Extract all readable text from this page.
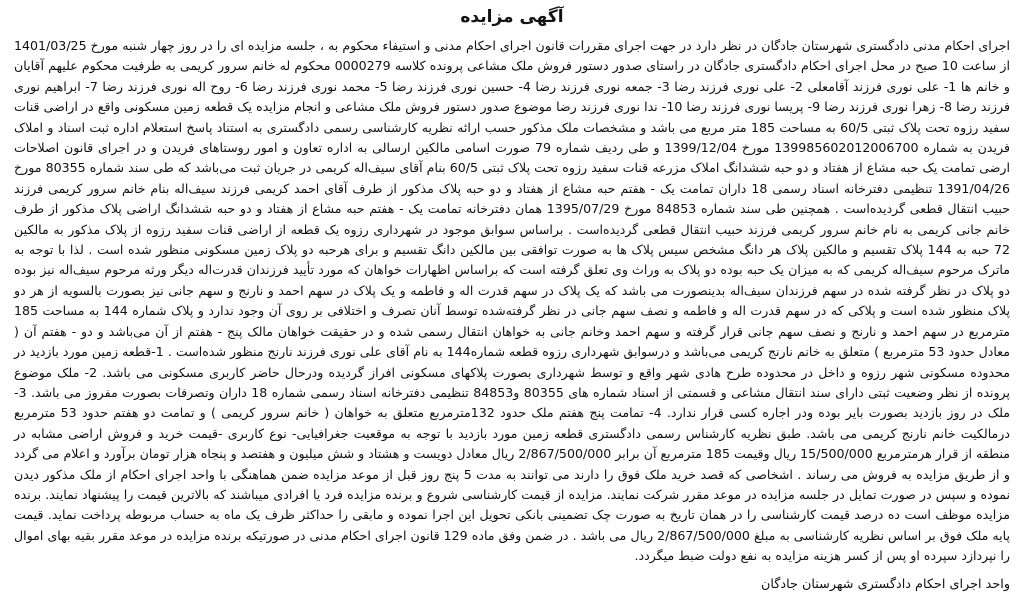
آگهی مزایده

اجرای احکام مدنی دادگستری شهرستان جادگان در نظر دارد در جهت اجرای مقررات قانون اجرای احکام مدنی و استیفاء محکوم به ، جلسه مزایده ای را در روز چهار شنبه مورخ 1401/03/25 از ساعت 10 صبح در محل اجرای احکام دادگستری جادگان در راستای صدور دستور فروش ملک مشاعی پرونده کلاسه 0000279 محکوم له خانم سرور کریمی به طرفیت محکوم علیهم آقایان و خانم ها 1- علی نوری فرزند آقامعلی 2- علی نوری فرزند رضا 3- جمعه نوری فرزند رضا 4- حسین نوری فرزند رضا 5- محمد نوری فرزند رضا 6- روح اله نوری فرزند رضا 7- ابراهیم نوری فرزند رضا 8- زهرا نوری فرزند رضا 9- پریسا نوری فرزند رضا 10- ندا نوری فرزند رضا موضوع صدور دستور فروش ملک مشاعی و انجام مزایده یک قطعه زمین مسکونی واقع در اراضی قنات سفید رزوه تحت پلاک ثبتی 60/5 به مساحت 185 متر مربع می باشد و مشخصات ملک مذکور حسب ارائه نظریه کارشناسی رسمی دادگستری به استناد پاسخ استعلام اداره ثبت اسناد و املاک فریدن به شماره 139985602012006700 مورخ 1399/12/04 و طی ردیف شماره 79 صورت اسامی مالکین ارسالی به اداره تعاون و امور روستاهای فریدن و در اجرای قانون اصلاحات ارضی تمامت یک حبه مشاع از هفتاد و دو حبه ششدانگ املاک مزرعه قنات سفید رزوه تحت پلاک ثبتی 60/5 بنام آقای سیف‌اله کریمی در جریان ثبت می‌باشد که طی سند شماره 80355 مورخ 1391/04/26 تنظیمی دفترخانه اسناد رسمی 18 داران تمامت یک - هفتم حبه مشاع از هفتاد و دو حبه پلاک مذکور از طرف آقای احمد کریمی فرزند سیف‌اله بنام خانم سرور کریمی فرزند حبیب انتقال قطعی گردیده‌است . همچنین طی سند شماره 84853 مورخ 1395/07/29 همان دفترخانه تمامت یک - هفتم حبه مشاع از هفتاد و دو حبه ششدانگ اراضی پلاک مذکور از طرف خانم جانی کریمی به نام خانم سرور کریمی فرزند حبیب انتقال قطعی گردیده‌است . براساس سوابق موجود در شهرداری رزوه یک قطعه از اراضی قنات سفید رزوه از پلاک مذکور به مالکین 72 حبه به 144 پلاک تقسیم و مالکین پلاک هر دانگ مشخص سیس پلاک ها به صورت توافقی بین مالکین دانگ تقسیم و برای هرحبه دو پلاک زمین مسکونی منظور شده است . لذا با توجه به ماترک مرحوم سیف‌اله کریمی که به میزان یک حبه بوده دو پلاک به وراث وی تعلق گرفته است که براساس اظهارات خواهان که مورد تأیید فرزندان قدرت‌اله دیگر ورثه مرحوم سیف‌اله نیز بوده دو پلاک در نظر گرفته شده در سهم فرزندان سیف‌اله بدینصورت می باشد که یک پلاک در سهم قدرت اله و فاطمه و یک پلاک در سهم احمد و نارنج و سهم جانی نیز بصورت بالسویه از هر دو پلاک منظور شده است و پلاکی که در سهم قدرت اله و فاطمه و نصف سهم جانی در نظر گرفته‌شده توسط آنان تصرف و اختلافی بر روی آن وجود ندارد و پلاک شماره 144 به مساحت 185 مترمربع در سهم احمد و نارنج و نصف سهم جانی قرار گرفته و سهم احمد وخانم جانی به خواهان انتقال رسمی شده و در حقیقت خواهان مالک پنج - هفتم از آن می‌باشد و دو - هفتم آن ( معادل حدود 53 مترمربع ) متعلق به خانم نارنج کریمی می‌باشد و درسوابق شهرداری رزوه قطعه شماره144 به نام آقای علی نوری فرزند نارنج منظور شده‌است . 1-قطعه زمین مورد بازدید در محدوده مسکونی شهر رزوه و داخل در محدوده طرح هادی شهر واقع و توسط شهرداری بصورت پلاکهای مسکونی افراز گردیده ودرحال حاضر کاربری مسکونی می باشد. 2- ملک موضوع پرونده از نظر وضعیت ثبتی دارای سند انتقال مشاعی و قسمتی از اسناد شماره های 80355 و84853 تنظیمی دفترخانه اسناد رسمی شماره 18 داران وتصرفات بصورت مفروز می باشد. 3- ملک در روز بازدید بصورت بایر بوده ودر اجاره کسی قرار ندارد. 4- تمامت پنج هفتم ملک حدود 132مترمربع متعلق به خواهان ( خانم سرور کریمی ) و تمامت دو هفتم حدود 53 مترمربع درمالکیت خانم نارنج کریمی می باشد. طبق نظریه کارشناس رسمی دادگستری قطعه زمین مورد بازدید با توجه به موقعیت جغرافیایی- نوع کاربری -قیمت خرید و فروش اراضی مشابه در منطقه از قرار هرمترمربع 15/500/000 ریال وقیمت 185 مترمربع آن برابر 2/867/500/000 ریال معادل دویست و هشتاد و شش میلیون و هفتصد و پنجاه هزار تومان برآورد و اعلام می گردد و از طریق مزایده به فروش می رساند . اشخاصی که قصد خرید ملک فوق را دارند می توانند به مدت 5 پنج روز قبل از موعد مزایده ضمن هماهنگی با واحد اجرای احکام از ملک مذکور دیدن نموده و سپس در صورت تمایل در جلسه مزایده در موعد مقرر شرکت نمایند. مزایده از قیمت کارشناسی شروع و برنده مزایده فرد یا افرادی میباشند که بالاترین قیمت را پیشنهاد نمایند. برنده مزایده موظف است ده درصد قیمت کارشناسی را در همان تاریخ به صورت چک تضمینی بانکی تحویل این اجرا نموده و مابقی را حداکثر ظرف یک ماه به حساب مربوطه پرداخت نماید. قیمت پایه ملک فوق بر اساس نظریه کارشناسی به مبلغ 2/867/500/000 ریال می باشد . در ضمن وفق ماده 129 قانون اجرای احکام مدنی در صورتیکه برنده مزایده در موعد مقرر بقیه بهای اموال را نپردازد سپرده او پس از کسر هزینه مزایده به نفع دولت ضبط میگردد.

واحد اجرای احکام دادگستری شهرستان جادگان
